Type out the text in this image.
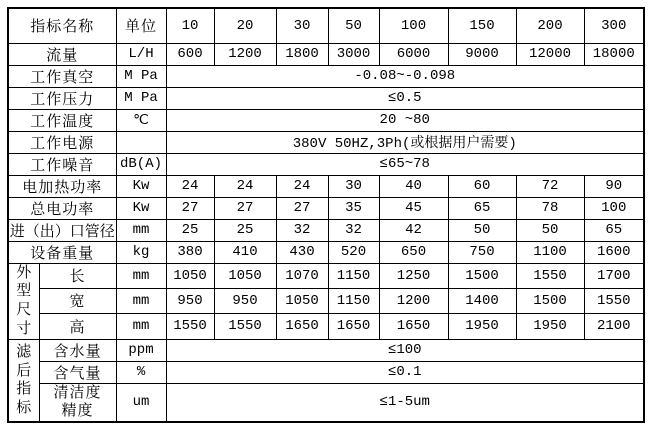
指标名称		单位	10	20	30	50	100	150	200	300
流量		L/H	600	1200	1800	3000	6000	9000	12000	18000
工作真空		M Pa	-0.08~-0.098							
工作压力		M Pa	≤0.5							
工作温度		℃	20 ~80							
工作电源			380V 50HZ,3Ph(或根据用户需要)							
工作噪音		dB(A)	≤65~78							
电加热功率		Kw	24	24	24	30	40	60	72	90
总电功率		Kw	27	27	27	35	45	65	78	100
进（出）口管径		mm	25	25	32	32	42	50	50	65
设备重量		kg	380	410	430	520	650	750	1100	1600
外型尺寸	长	mm	1050	1050	1070	1150	1250	1500	1550	1700
	宽	mm	950	950	1050	1150	1200	1400	1500	1550
	高	mm	1550	1550	1650	1650	1650	1950	1950	2100
滤后指标	含水量	ppm	≤100							
	含气量	%	≤0.1							
	清洁度精度	um	≤1-5um							
